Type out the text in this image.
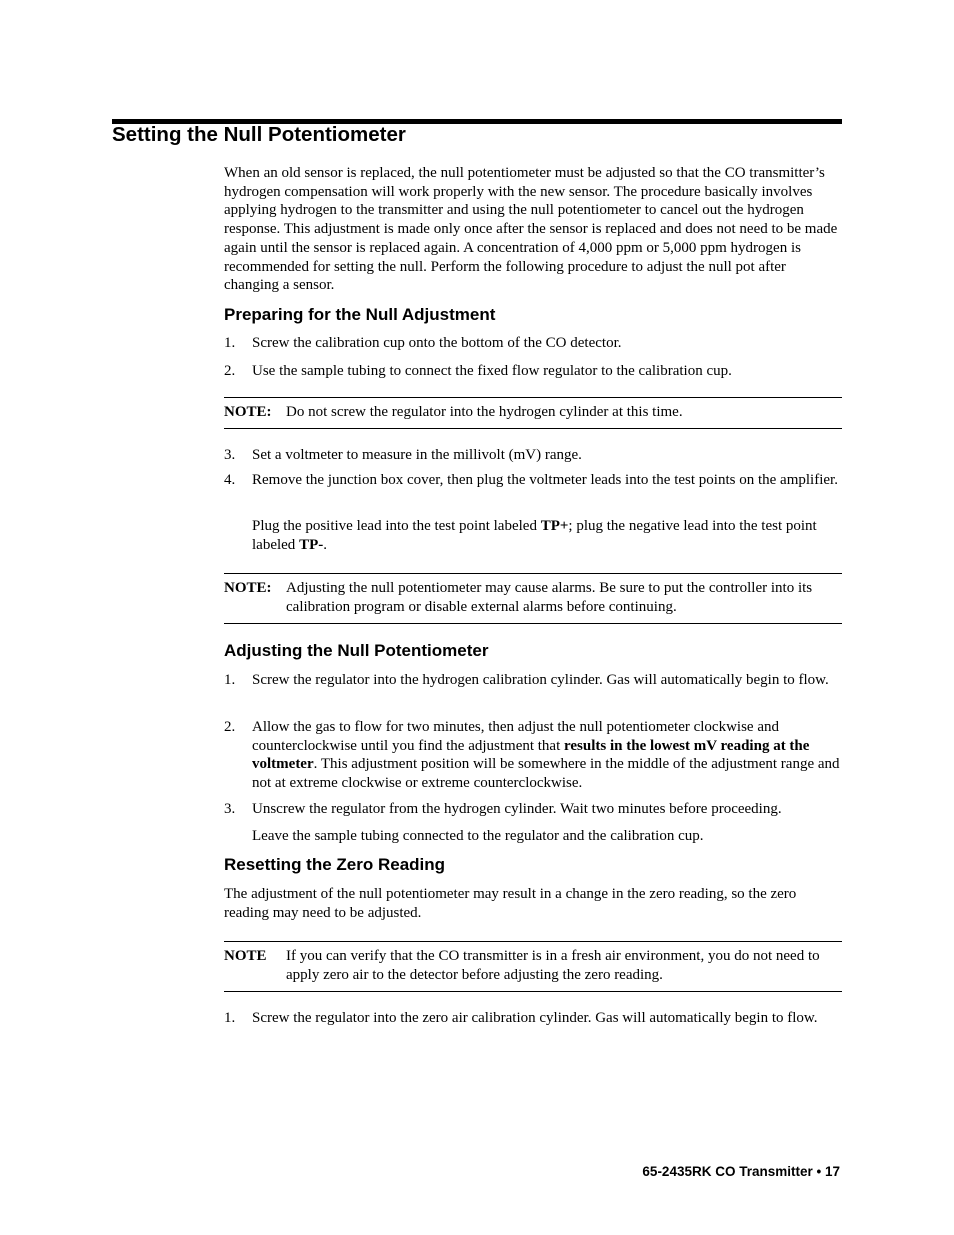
Setting the Null Potentiometer

When an old sensor is replaced, the null potentiometer must be adjusted so that the CO transmitter’s hydrogen compensation will work properly with the new sensor. The procedure basically involves applying hydrogen to the transmitter and using the null potentiometer to cancel out the hydrogen response. This adjustment is made only once after the sensor is replaced and does not need to be made again until the sensor is replaced again. A concentration of 4,000 ppm or 5,000 ppm hydrogen is recommended for setting the null. Perform the following procedure to adjust the null pot after changing a sensor.

Preparing for the Null Adjustment
1.	Screw the calibration cup onto the bottom of the CO detector.
2.	Use the sample tubing to connect the fixed flow regulator to the calibration cup.
NOTE: Do not screw the regulator into the hydrogen cylinder at this time.
3.	Set a voltmeter to measure in the millivolt (mV) range.
4.	Remove the junction box cover, then plug the voltmeter leads into the test points on the amplifier.
Plug the positive lead into the test point labeled TP+; plug the negative lead into the test point labeled TP-.
NOTE: Adjusting the null potentiometer may cause alarms. Be sure to put the controller into its calibration program or disable external alarms before continuing.
Adjusting the Null Potentiometer
1.	Screw the regulator into the hydrogen calibration cylinder. Gas will automatically begin to flow.
2.	Allow the gas to flow for two minutes, then adjust the null potentiometer clockwise and counterclockwise until you find the adjustment that results in the lowest mV reading at the voltmeter. This adjustment position will be somewhere in the middle of the adjustment range and not at extreme clockwise or extreme counterclockwise.
3.	Unscrew the regulator from the hydrogen cylinder. Wait two minutes before proceeding.
Leave the sample tubing connected to the regulator and the calibration cup.
Resetting the Zero Reading

The adjustment of the null potentiometer may result in a change in the zero reading, so the zero reading may need to be adjusted.

NOTE If you can verify that the CO transmitter is in a fresh air environment, you do not need to apply zero air to the detector before adjusting the zero reading.
1.	Screw the regulator into the zero air calibration cylinder. Gas will automatically begin to flow.
65-2435RK CO Transmitter • 17
